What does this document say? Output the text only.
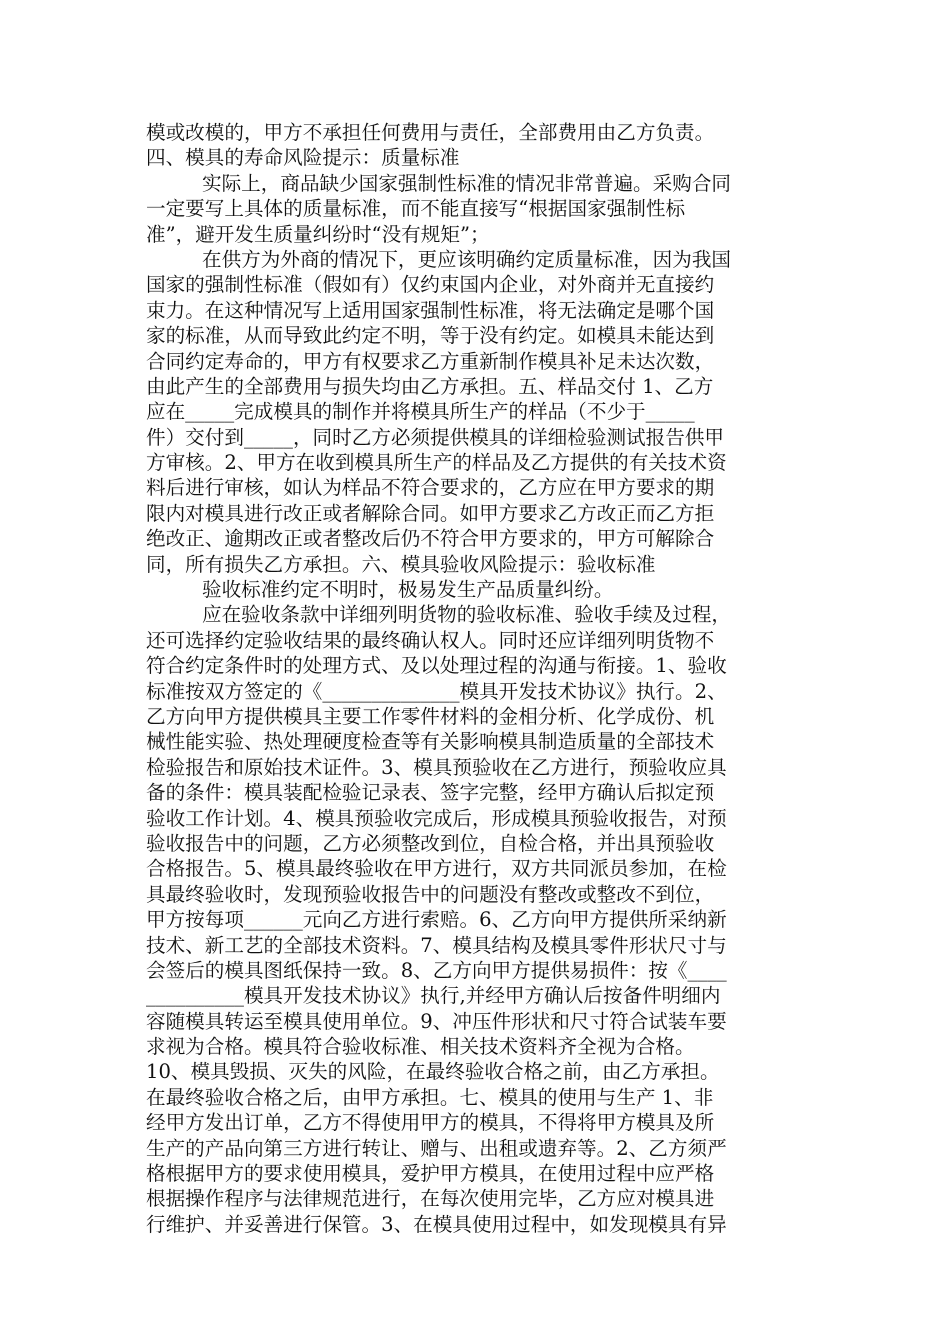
模或改模的，甲方不承担任何费用与责任，全部费用由乙方负责。
四、模具的寿命风险提示：质量标准
实际上，商品缺少国家强制性标准的情况非常普遍。采购合同
一定要写上具体的质量标准，而不能直接写“根据国家强制性标
准”，避开发生质量纠纷时“没有规矩”；
在供方为外商的情况下，更应该明确约定质量标准，因为我国
国家的强制性标准（假如有）仅约束国内企业，对外商并无直接约
束力。在这种情况写上适用国家强制性标准，将无法确定是哪个国
家的标准，从而导致此约定不明，等于没有约定。如模具未能达到
合同约定寿命的，甲方有权要求乙方重新制作模具补足未达次数，
由此产生的全部费用与损失均由乙方承担。五、样品交付 1、乙方
应在_____完成模具的制作并将模具所生产的样品（不少于_____
件）交付到_____，同时乙方必须提供模具的详细检验测试报告供甲
方审核。2、甲方在收到模具所生产的样品及乙方提供的有关技术资
料后进行审核，如认为样品不符合要求的，乙方应在甲方要求的期
限内对模具进行改正或者解除合同。如甲方要求乙方改正而乙方拒
绝改正、逾期改正或者整改后仍不符合甲方要求的，甲方可解除合
同，所有损失乙方承担。六、模具验收风险提示：验收标准
验收标准约定不明时，极易发生产品质量纠纷。
应在验收条款中详细列明货物的验收标准、验收手续及过程，
还可选择约定验收结果的最终确认权人。同时还应详细列明货物不
符合约定条件时的处理方式、及以处理过程的沟通与衔接。1、验收
标准按双方签定的《______________模具开发技术协议》执行。2、
乙方向甲方提供模具主要工作零件材料的金相分析、化学成份、机
械性能实验、热处理硬度检查等有关影响模具制造质量的全部技术
检验报告和原始技术证件。3、模具预验收在乙方进行，预验收应具
备的条件：模具装配检验记录表、签字完整，经甲方确认后拟定预
验收工作计划。4、模具预验收完成后，形成模具预验收报告，对预
验收报告中的问题，乙方必须整改到位，自检合格，并出具预验收
合格报告。5、模具最终验收在甲方进行，双方共同派员参加，在检
具最终验收时，发现预验收报告中的问题没有整改或整改不到位，
甲方按每项______元向乙方进行索赔。6、乙方向甲方提供所采纳新
技术、新工艺的全部技术资料。7、模具结构及模具零件形状尺寸与
会签后的模具图纸保持一致。8、乙方向甲方提供易损件：按《____
__________模具开发技术协议》执行,并经甲方确认后按备件明细内
容随模具转运至模具使用单位。9、冲压件形状和尺寸符合试装车要
求视为合格。模具符合验收标准、相关技术资料齐全视为合格。
10、模具毁损、灭失的风险，在最终验收合格之前，由乙方承担。
在最终验收合格之后，由甲方承担。七、模具的使用与生产 1、非
经甲方发出订单，乙方不得使用甲方的模具，不得将甲方模具及所
生产的产品向第三方进行转让、赠与、出租或遗弃等。2、乙方须严
格根据甲方的要求使用模具，爱护甲方模具，在使用过程中应严格
根据操作程序与法律规范进行，在每次使用完毕，乙方应对模具进
行维护、并妥善进行保管。3、在模具使用过程中，如发现模具有异
